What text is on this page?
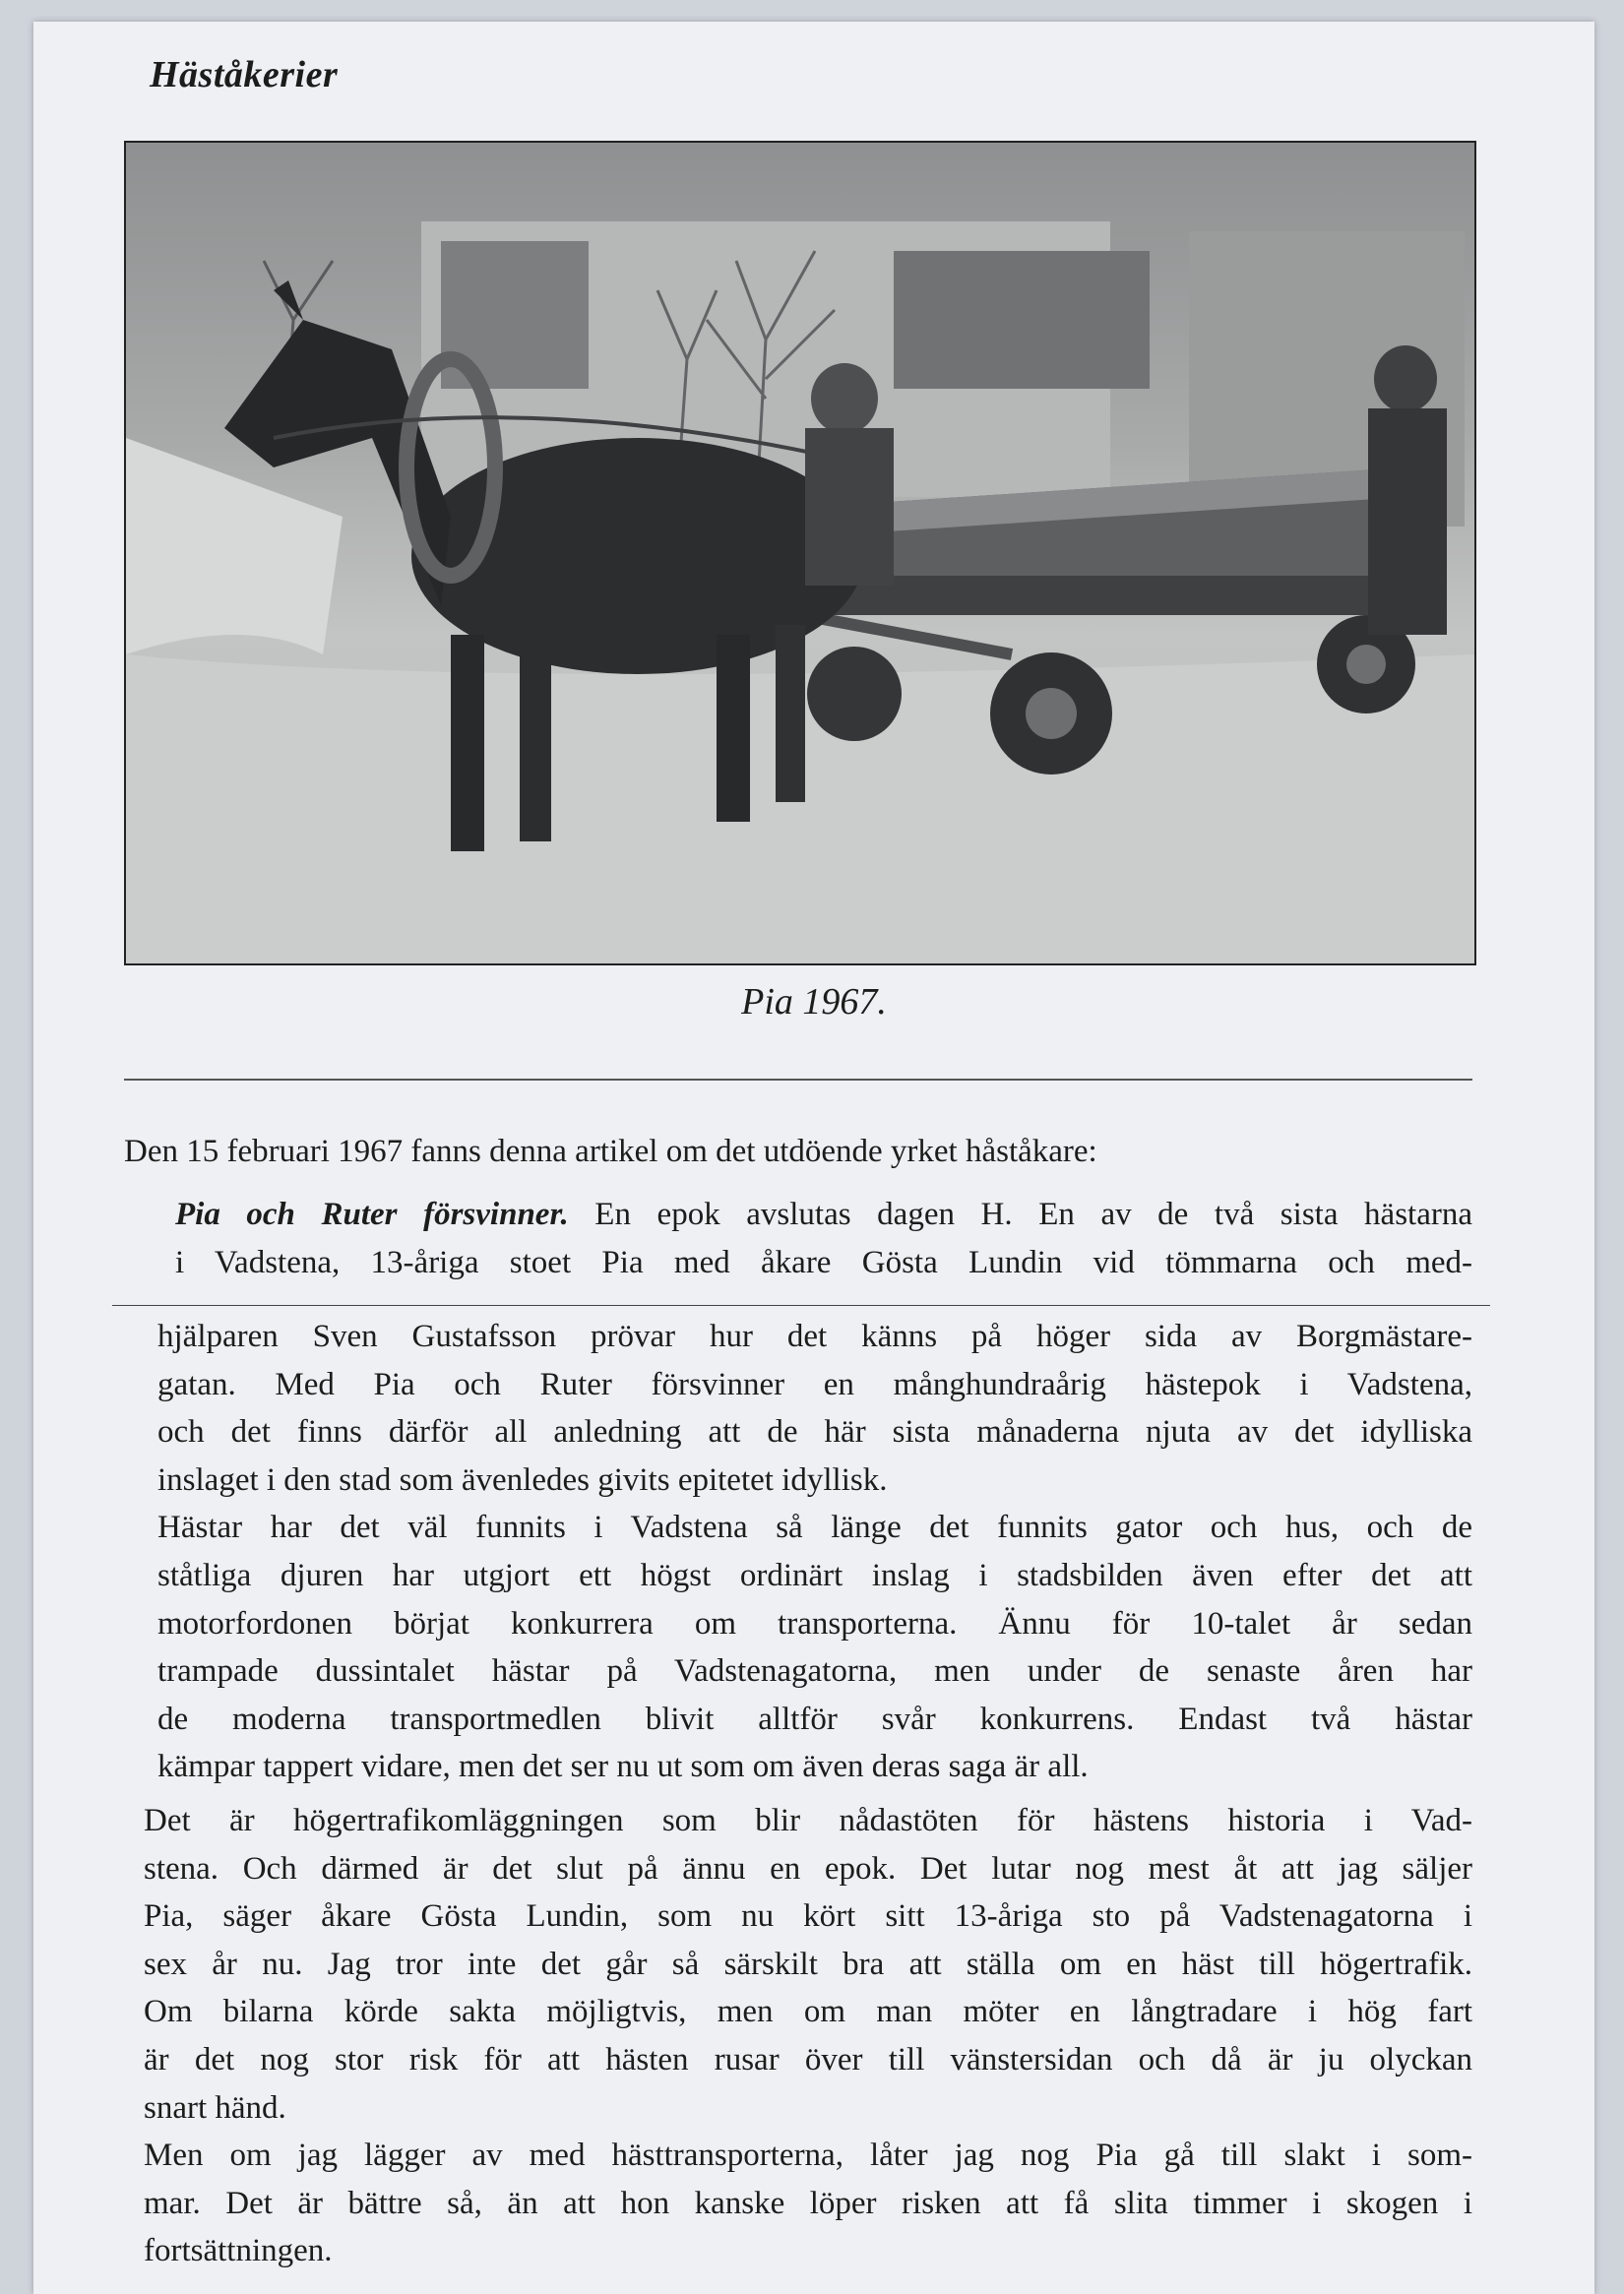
Häståkerier
Pia 1967.
Den 15 februari 1967 fanns denna artikel om det utdöende yrket håståkare:
Pia och Ruter försvinner. En epok avslutas dagen H. En av de två sista hästarna
i Vadstena, 13-åriga stoet Pia med åkare Gösta Lundin vid tömmarna och med-
hjälparen Sven Gustafsson prövar hur det känns på höger sida av Borgmästare-
gatan. Med Pia och Ruter försvinner en månghundraårig hästepok i Vadstena,
och det finns därför all anledning att de här sista månaderna njuta av det idylliska
inslaget i den stad som ävenledes givits epitetet idyllisk.
Hästar har det väl funnits i Vadstena så länge det funnits gator och hus, och de
ståtliga djuren har utgjort ett högst ordinärt inslag i stadsbilden även efter det att
motorfordonen börjat konkurrera om transporterna. Ännu för 10-talet år sedan
trampade dussintalet hästar på Vadstenagatorna, men under de senaste åren har
de moderna transportmedlen blivit alltför svår konkurrens. Endast två hästar
kämpar tappert vidare, men det ser nu ut som om även deras saga är all.
Det är högertrafikomläggningen som blir nådastöten för hästens historia i Vad-
stena. Och därmed är det slut på ännu en epok. Det lutar nog mest åt att jag säljer
Pia, säger åkare Gösta Lundin, som nu kört sitt 13-åriga sto på Vadstenagatorna i
sex år nu. Jag tror inte det går så särskilt bra att ställa om en häst till högertrafik.
Om bilarna körde sakta möjligtvis, men om man möter en långtradare i hög fart
är det nog stor risk för att hästen rusar över till vänstersidan och då är ju olyckan
snart händ.
Men om jag lägger av med hästtransporterna, låter jag nog Pia gå till slakt i som-
mar. Det är bättre så, än att hon kanske löper risken att få slita timmer i skogen i
fortsättningen.
